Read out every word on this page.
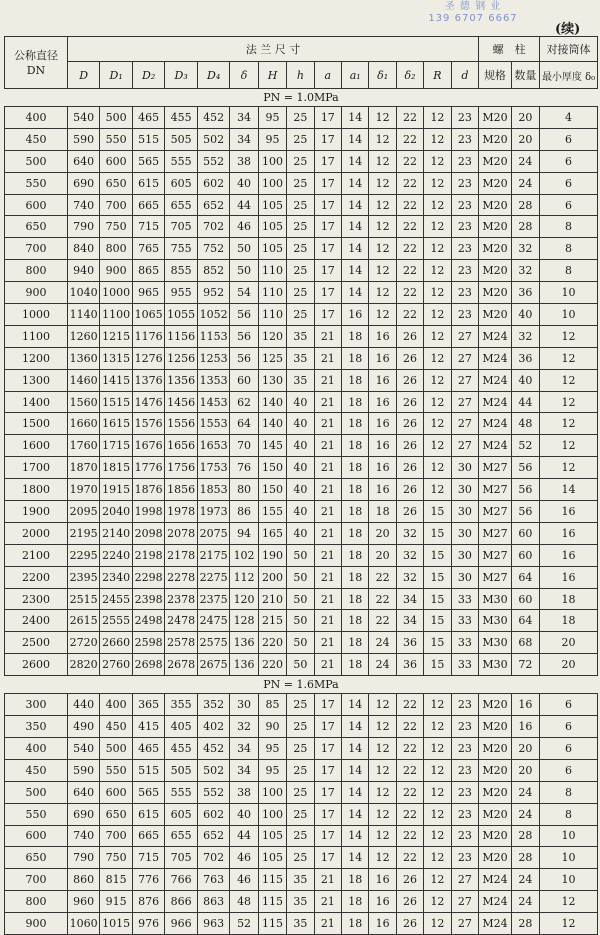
圣 德 钢 业
139 6707 6667
(续)
公称直径
DN	法 兰 尺 寸														螺　柱		对接筒体
	D	D₁	D₂	D₃	D₄	δ	H	h	a	a₁	δ₁	δ₂	R	d	规格	数量	最小厚度 δ₀
PN = 1.0MPa																	
400	540	500	465	455	452	34	95	25	17	14	12	22	12	23	M20	20	4
450	590	550	515	505	502	34	95	25	17	14	12	22	12	23	M20	20	6
500	640	600	565	555	552	38	100	25	17	14	12	22	12	23	M20	24	6
550	690	650	615	605	602	40	100	25	17	14	12	22	12	23	M20	24	6
600	740	700	665	655	652	44	105	25	17	14	12	22	12	23	M20	28	6
650	790	750	715	705	702	46	105	25	17	14	12	22	12	23	M20	28	8
700	840	800	765	755	752	50	105	25	17	14	12	22	12	23	M20	32	8
800	940	900	865	855	852	50	110	25	17	14	12	22	12	23	M20	32	8
900	1040	1000	965	955	952	54	110	25	17	14	12	22	12	23	M20	36	10
1000	1140	1100	1065	1055	1052	56	110	25	17	16	12	22	12	23	M20	40	10
1100	1260	1215	1176	1156	1153	56	120	35	21	18	16	26	12	27	M24	32	12
1200	1360	1315	1276	1256	1253	56	125	35	21	18	16	26	12	27	M24	36	12
1300	1460	1415	1376	1356	1353	60	130	35	21	18	16	26	12	27	M24	40	12
1400	1560	1515	1476	1456	1453	62	140	40	21	18	16	26	12	27	M24	44	12
1500	1660	1615	1576	1556	1553	64	140	40	21	18	16	26	12	27	M24	48	12
1600	1760	1715	1676	1656	1653	70	145	40	21	18	16	26	12	27	M24	52	12
1700	1870	1815	1776	1756	1753	76	150	40	21	18	16	26	12	30	M27	56	12
1800	1970	1915	1876	1856	1853	80	150	40	21	18	16	26	12	30	M27	56	14
1900	2095	2040	1998	1978	1973	86	155	40	21	18	18	26	15	30	M27	56	16
2000	2195	2140	2098	2078	2075	94	165	40	21	18	20	32	15	30	M27	60	16
2100	2295	2240	2198	2178	2175	102	190	50	21	18	20	32	15	30	M27	60	16
2200	2395	2340	2298	2278	2275	112	200	50	21	18	22	32	15	30	M27	64	16
2300	2515	2455	2398	2378	2375	120	210	50	21	18	22	34	15	33	M30	60	18
2400	2615	2555	2498	2478	2475	128	215	50	21	18	22	34	15	33	M30	64	18
2500	2720	2660	2598	2578	2575	136	220	50	21	18	24	36	15	33	M30	68	20
2600	2820	2760	2698	2678	2675	136	220	50	21	18	24	36	15	33	M30	72	20
PN = 1.6MPa																	
300	440	400	365	355	352	30	85	25	17	14	12	22	12	23	M20	16	6
350	490	450	415	405	402	32	90	25	17	14	12	22	12	23	M20	16	6
400	540	500	465	455	452	34	95	25	17	14	12	22	12	23	M20	20	6
450	590	550	515	505	502	34	95	25	17	14	12	22	12	23	M20	20	6
500	640	600	565	555	552	38	100	25	17	14	12	22	12	23	M20	24	8
550	690	650	615	605	602	40	100	25	17	14	12	22	12	23	M20	24	8
600	740	700	665	655	652	44	105	25	17	14	12	22	12	23	M20	28	10
650	790	750	715	705	702	46	105	25	17	14	12	22	12	23	M20	28	10
700	860	815	776	766	763	46	115	35	21	18	16	26	12	27	M24	24	10
800	960	915	876	866	863	48	115	35	21	18	16	26	12	27	M24	24	12
900	1060	1015	976	966	963	52	115	35	21	18	16	26	12	27	M24	28	12
